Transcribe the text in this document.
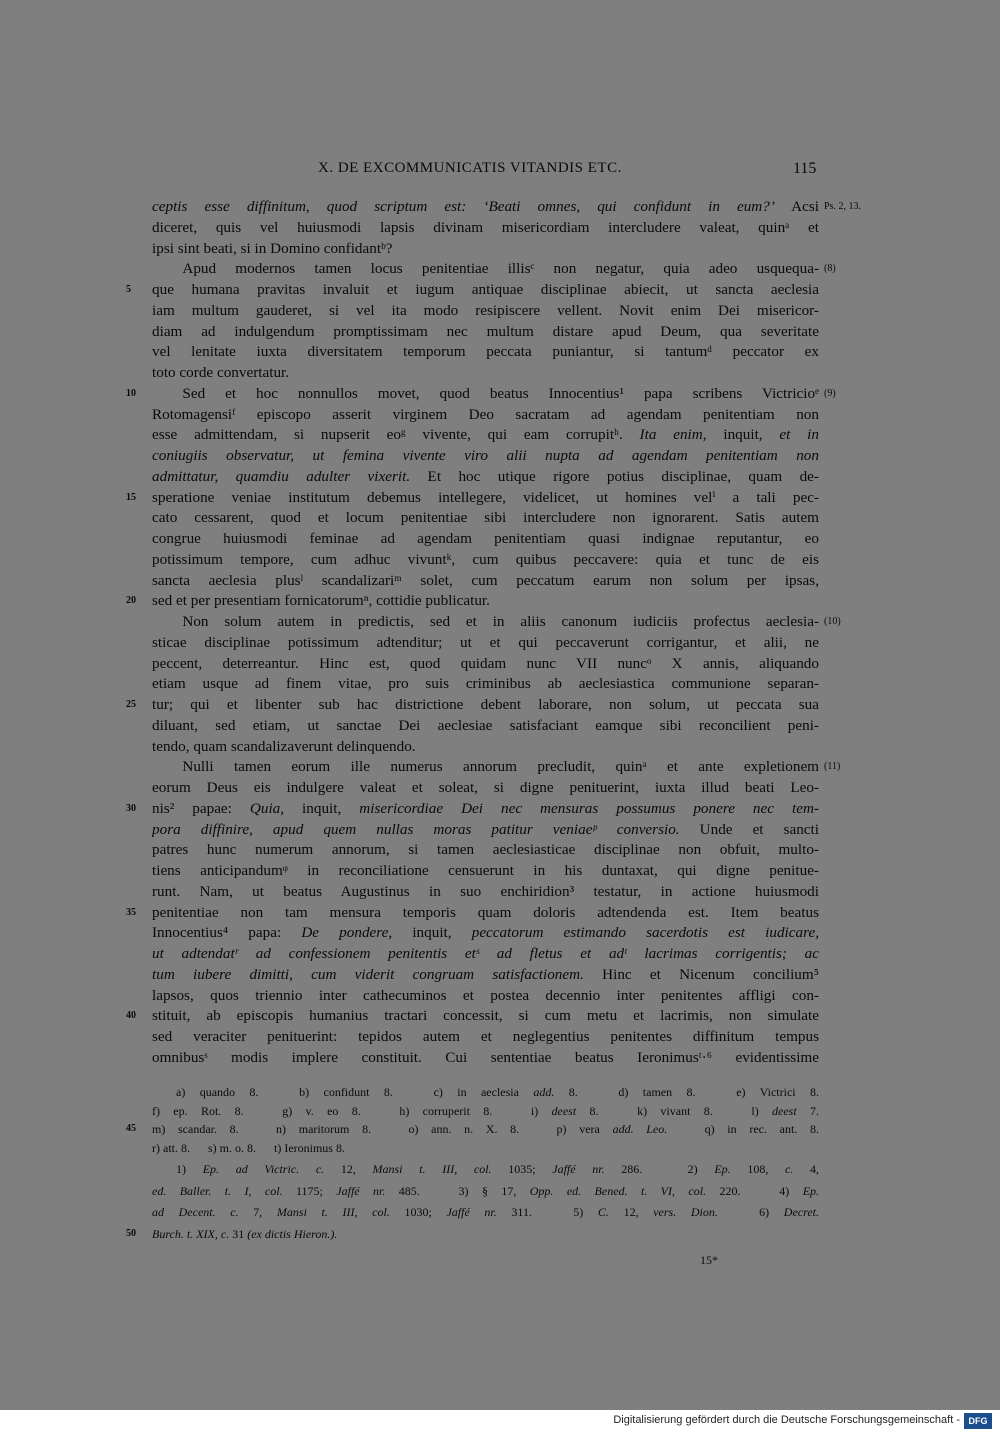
X. DE EXCOMMUNICATIS VITANDIS ETC.	115
ceptis esse diffinitum, quod scriptum est: ‘Beati omnes, qui confidunt in eum?’ Acsi Ps. 2, 13.
diceret, quis vel huiusmodi lapsis divinam misericordiam intercludere valeat, quinᵃ et
ipsi sint beati, si in Domino confidantᵇ?
  Apud modernos tamen locus penitentiae illisᶜ non negatur, quia adeo usquequa- (8)
que humana pravitas invaluit et iugum antiquae disciplinae abiecit, ut sancta aeclesia
5
iam multum gauderet, si vel ita modo resipiscere vellent. Novit enim Dei misericor-
diam ad indulgendum promptissimam nec multum distare apud Deum, qua severitate
vel lenitate iuxta diversitatem temporum peccata puniantur, si tantumᵈ peccator ex
toto corde convertatur.
  Sed et hoc nonnullos movet, quod beatus Innocentius¹ papa scribens Victricioᵉ
10	(9)
Rotomagensiᶠ episcopo asserit virginem Deo sacratam ad agendam penitentiam non
esse admittendam, si nupserit eoᵍ vivente, qui eam corrupitʰ. Ita enim, inquit, et in
coniugiis observatur, ut femina vivente viro alii nupta ad agendam penitentiam non
admittatur, quamdiu adulter vixerit. Et hoc utique rigore potius disciplinae, quam de-
speratione veniae institutum debemus intellegere, videlicet, ut homines velⁱ a tali pec-
15
cato cessarent, quod et locum penitentiae sibi intercludere non ignorarent. Satis autem
congrue huiusmodi feminae ad agendam penitentiam quasi indignae reputantur, eo
potissimum tempore, cum adhuc vivuntᵏ, cum quibus peccavere: quia et tunc de eis
sancta aeclesia plusˡ scandalizariᵐ solet, cum peccatum earum non solum per ipsas,
sed et per presentiam fornicatorumⁿ, cottidie publicatur.
20
  Non solum autem in predictis, sed et in aliis canonum iudiciis profectus aeclesia- (10)
sticae disciplinae potissimum adtenditur; ut et qui peccaverunt corrigantur, et alii, ne
peccent, deterreantur. Hinc est, quod quidam nunc VII nuncᵒ X annis, aliquando
etiam usque ad finem vitae, pro suis criminibus ab aeclesiastica communione separan-
tur; qui et libenter sub hac districtione debent laborare, non solum, ut peccata sua
25
diluant, sed etiam, ut sanctae Dei aeclesiae satisfaciant eamque sibi reconcilient peni-
tendo, quam scandalizaverunt delinquendo.
  Nulli tamen eorum ille numerus annorum precludit, quinᵃ et ante expletionem (11)
eorum Deus eis indulgere valeat et soleat, si digne penituerint, iuxta illud beati Leo-
nis² papae: Quia, inquit, misericordiae Dei nec mensuras possumus ponere nec tem-
30
pora diffinire, apud quem nullas moras patitur veniaeᵖ conversio. Unde et sancti
patres hunc numerum annorum, si tamen aeclesiasticae disciplinae non obfuit, multo-
tiens anticipandumᵠ in reconciliatione censuerunt in his duntaxat, qui digne penitue-
runt. Nam, ut beatus Augustinus in suo enchiridion³ testatur, in actione huiusmodi
penitentiae non tam mensura temporis quam doloris adtendenda est. Item beatus
35
Innocentius⁴ papa: De pondere, inquit, peccatorum estimando sacerdotis est iudicare,
ut adtendatʳ ad confessionem penitentis etˢ ad fletus et adᵗ lacrimas corrigentis; ac
tum iubere dimitti, cum viderit congruam satisfactionem. Hinc et Nicenum concilium⁵
lapsos, quos triennio inter cathecuminos et postea decennio inter penitentes affligi con-
stituit, ab episcopis humanius tractari concessit, si cum metu et lacrimis, non simulate
40
sed veraciter penituerint: tepidos autem et neglegentius penitentes diffinitum tempus
omnibusˢ modis implere constituit. Cui sententiae beatus Ieronimusᵗ·⁶ evidentissime
  a) quando 8.   b) confidunt 8.   c) in aeclesia add. 8.   d) tamen 8.   e) Victrici 8.
f) ep. Rot. 8.   g) v. eo 8.   h) corruperit 8.   i) deest 8.   k) vivant 8.   l) deest 7.
m) scandar. 8.   n) maritorum 8.   o) ann. n. X. 8.   p) vera add. Leo.   q) in rec. ant. 8.
45
r) att. 8.   s) m. o. 8.   t) Ieronimus 8.
  1) Ep. ad Victric. c. 12, Mansi t. III, col. 1035; Jaffé nr. 286.   2) Ep. 108, c. 4,
ed. Baller. t. I, col. 1175; Jaffé nr. 485.   3) § 17, Opp. ed. Bened. t. VI, col. 220.   4) Ep.
ad Decent. c. 7, Mansi t. III, col. 1030; Jaffé nr. 311.   5) C. 12, vers. Dion.   6) Decret.
Burch. t. XIX, c. 31 (ex dictis Hieron.).
50
15*
Digitalisierung gefördert durch die Deutsche Forschungsgemeinschaft - DFG
